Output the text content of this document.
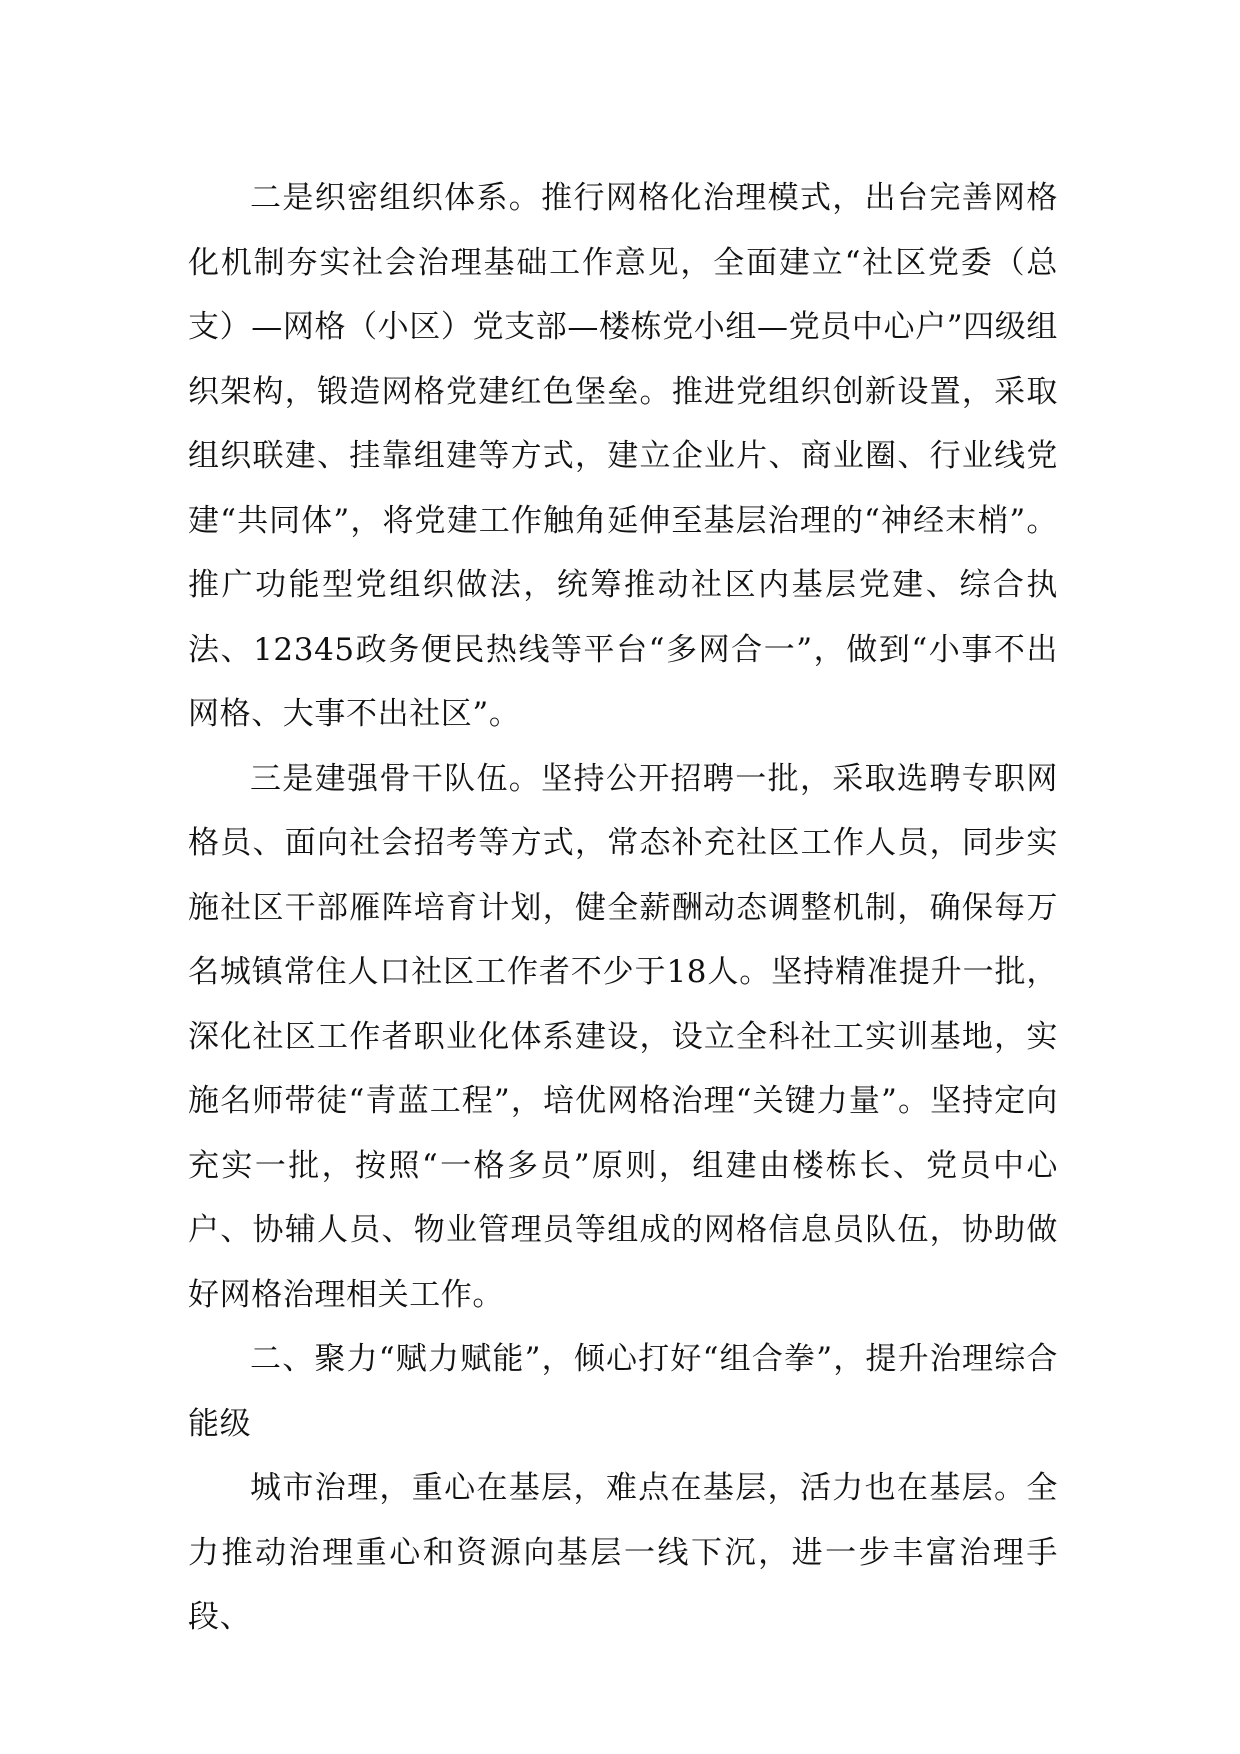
二是织密组织体系。推行网格化治理模式，出台完善网格化机制夯实社会治理基础工作意见，全面建立“社区党委（总支）—网格（小区）党支部—楼栋党小组—党员中心户”四级组织架构，锻造网格党建红色堡垒。推进党组织创新设置，采取组织联建、挂靠组建等方式，建立企业片、商业圈、行业线党建“共同体”，将党建工作触角延伸至基层治理的“神经末梢”。推广功能型党组织做法，统筹推动社区内基层党建、综合执法、12345政务便民热线等平台“多网合一”，做到“小事不出网格、大事不出社区”。

三是建强骨干队伍。坚持公开招聘一批，采取选聘专职网格员、面向社会招考等方式，常态补充社区工作人员，同步实施社区干部雁阵培育计划，健全薪酬动态调整机制，确保每万名城镇常住人口社区工作者不少于18人。坚持精准提升一批，深化社区工作者职业化体系建设，设立全科社工实训基地，实施名师带徒“青蓝工程”，培优网格治理“关键力量”。坚持定向充实一批，按照“一格多员”原则，组建由楼栋长、党员中心户、协辅人员、物业管理员等组成的网格信息员队伍，协助做好网格治理相关工作。

二、聚力“赋力赋能”，倾心打好“组合拳”，提升治理综合能级

城市治理，重心在基层，难点在基层，活力也在基层。全力推动治理重心和资源向基层一线下沉，进一步丰富治理手段、
